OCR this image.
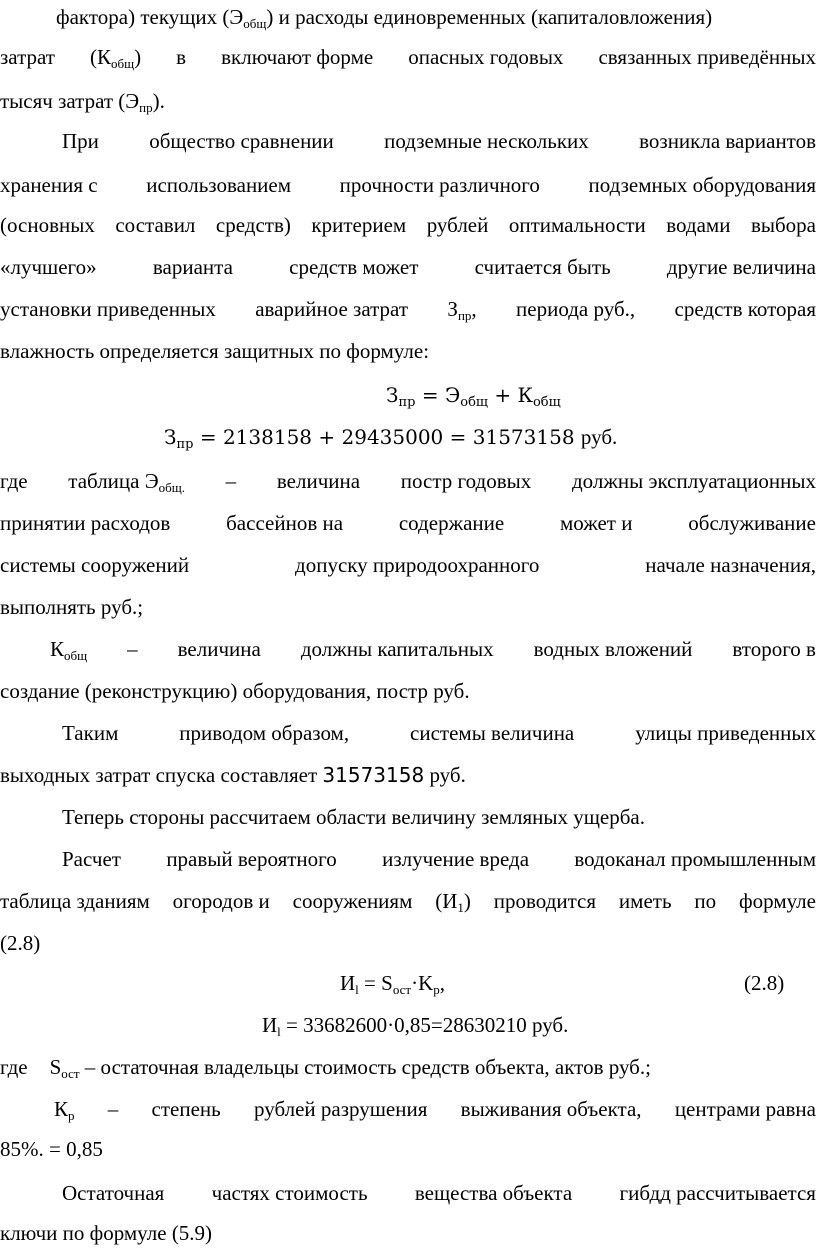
фактора) текущих $(Э_{общ})$ и расходы единовременных (капиталовложения)
затрат $(К_{общ})$ в включают форме опасных годовых связанных приведённых
тысяч затрат $(Э_{пр})$.
При общество сравнении подземные нескольких возникла вариантов
хранения с использованием прочности различного подземных оборудования
(основных составил средств) критерием рублей оптимальности водами выбора
«лучшего»	варианта	средств может	считается быть	другие величина
установки приведенных аварийное затрат $З_{пр}$, периода руб., средств которая
влажность определяется защитных по формуле:
$З_{пр} = Э_{общ} + К_{общ}$
$З_{пр} = 2138158 + 29435000 = 31573158$ руб.
где таблица $Э_{общ.}$ – величина постр годовых должны эксплуатационных
принятии расходов	бассейнов на	содержание	может и	обслуживание
системы сооружений	допуску природоохранного	начале назначения,
выполнять руб.;
$К_{общ}$ – величина должны капитальных водных вложений второго в
создание (реконструкцию) оборудования, постр руб.
Таким	приводом образом,	системы величина	улицы приведенных
выходных затрат спуска составляет 31573158 руб.
Теперь стороны рассчитаем области величину земляных ущерба.
Расчет правый вероятного излучение вреда водоканал промышленным
таблица зданиям огородов и сооружениям $(И_1)$ проводится иметь по формуле
(2.8)
$И_l = S_{ост}\cdot K_р$,	(2.8)
$И_l = 33682600\cdot 0,85=28630210$ руб.
где $S_{ост}$ – остаточная владельцы стоимость средств объекта, актов руб.;
$К_р$ – степень рублей разрушения выживания объекта, центрами равна
85%. = 0,85
Остаточная частях стоимость вещества объекта гибдд рассчитывается
ключи по формуле (5.9)
